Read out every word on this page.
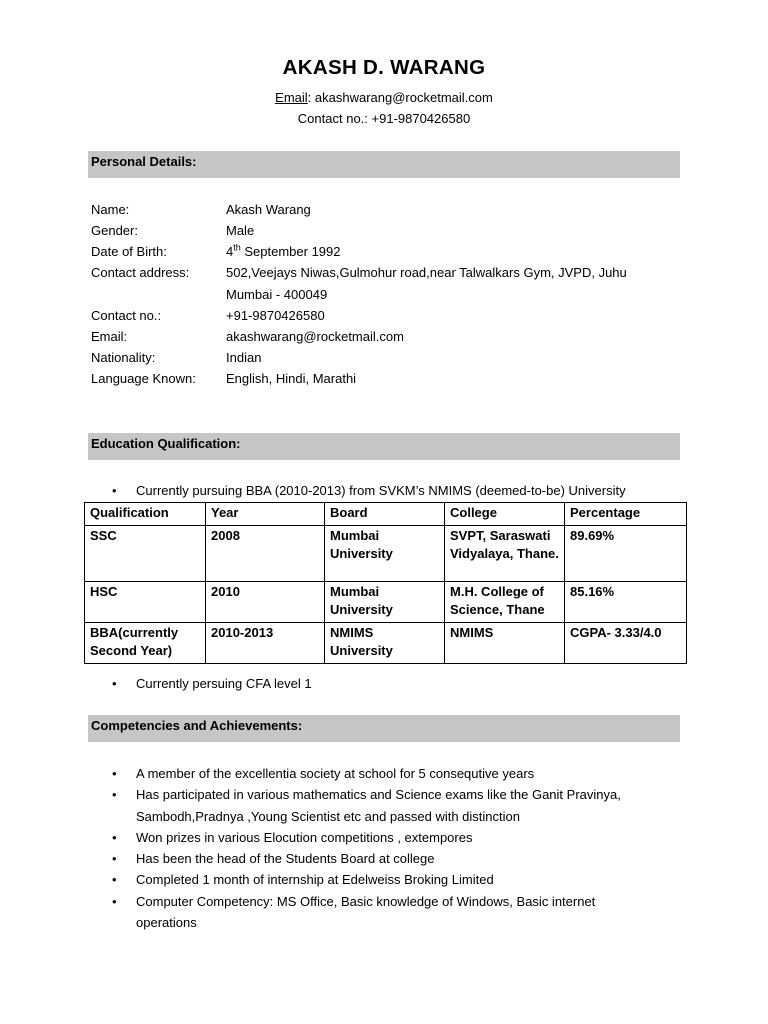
AKASH D. WARANG
Email: akashwarang@rocketmail.com
Contact no.: +91-9870426580
Personal Details:
Name:	Akash Warang
Gender:	Male
Date of Birth:	4th September 1992
Contact address:	502,Veejays Niwas,Gulmohur road,near Talwalkars Gym, JVPD, Juhu
Mumbai - 400049
Contact no.:	+91-9870426580
Email:	akashwarang@rocketmail.com
Nationality:	Indian
Language Known: English, Hindi, Marathi
Education Qualification:
• Currently pursuing BBA (2010-2013) from SVKM’s NMIMS (deemed-to-be) University
Qualification	Year	Board	College	Percentage
SSC	2008	Mumbai University	SVPT, Saraswati Vidyalaya, Thane.	89.69%
HSC	2010	Mumbai University	M.H. College of Science, Thane	85.16%
BBA(currently Second Year)	2010-2013	NMIMS University	NMIMS	CGPA- 3.33/4.0
• Currently persuing CFA level 1
Competencies and Achievements:
• A member of the excellentia society at school for 5 consequtive years
• Has participated in various mathematics and Science exams like the Ganit Pravinya, Sambodh,Pradnya ,Young Scientist etc and passed with distinction
• Won prizes in various Elocution competitions , extempores
• Has been the head of the Students Board at college
• Completed 1 month of internship at Edelweiss Broking Limited
• Computer Competency: MS Office, Basic knowledge of Windows, Basic internet operations
